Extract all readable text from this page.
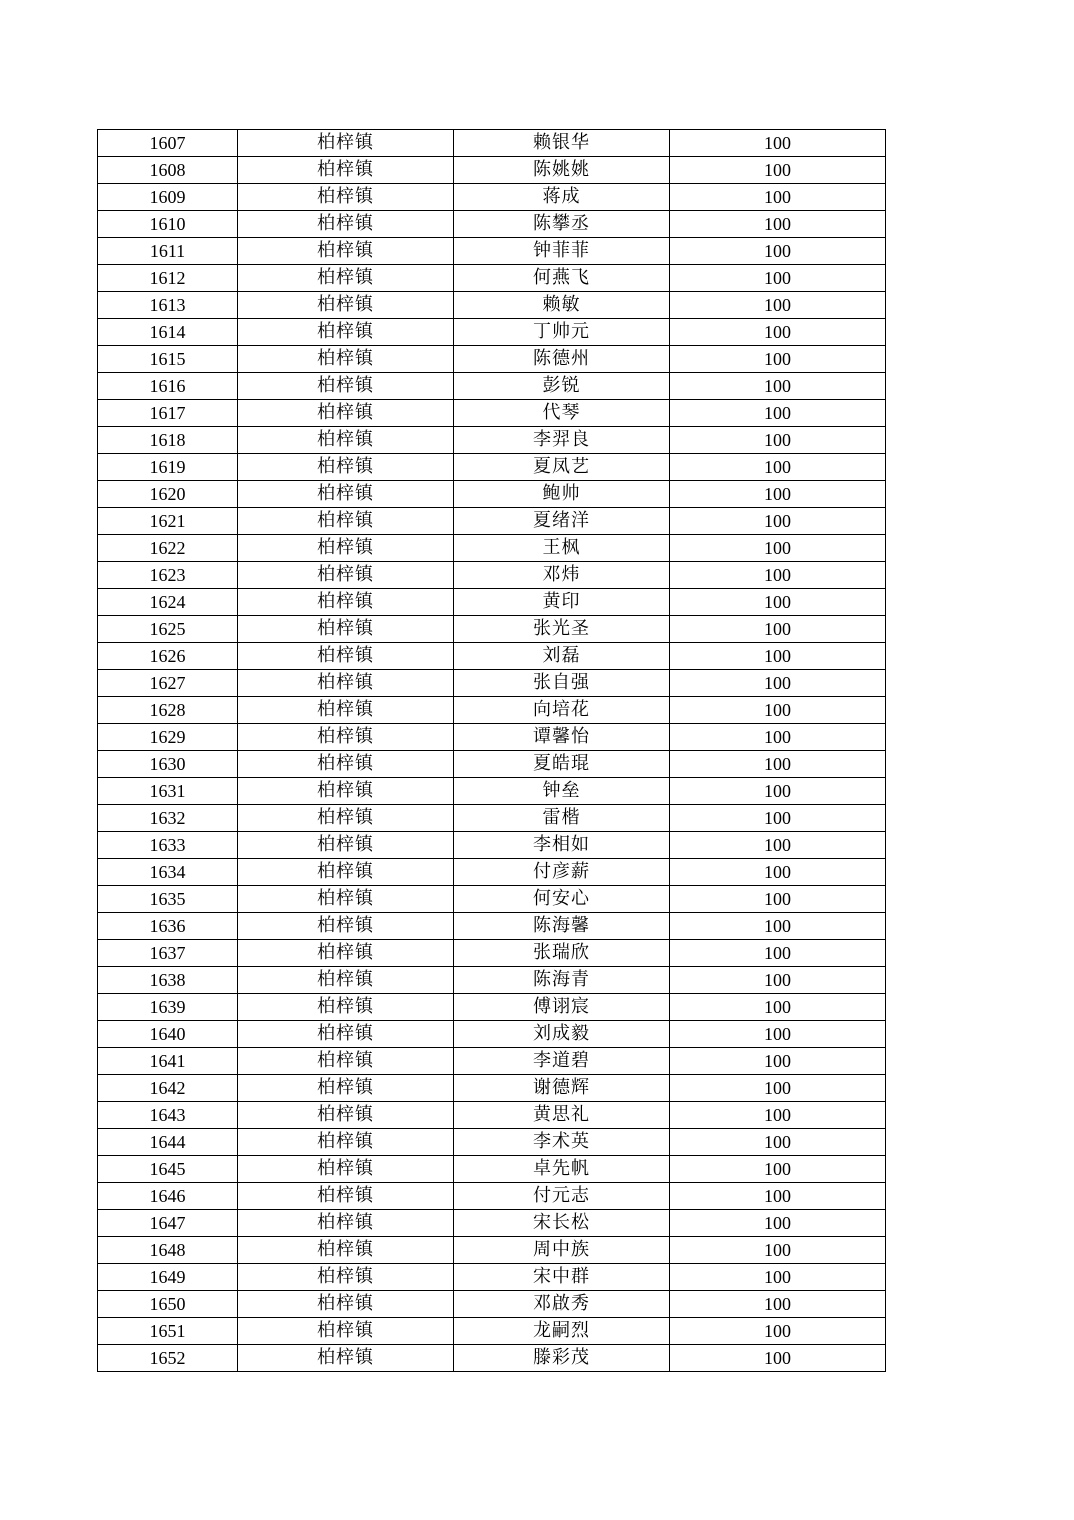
1607	柏梓镇	赖银华	100
1608	柏梓镇	陈姚姚	100
1609	柏梓镇	蒋成	100
1610	柏梓镇	陈攀丞	100
1611	柏梓镇	钟菲菲	100
1612	柏梓镇	何燕飞	100
1613	柏梓镇	赖敏	100
1614	柏梓镇	丁帅元	100
1615	柏梓镇	陈德州	100
1616	柏梓镇	彭锐	100
1617	柏梓镇	代琴	100
1618	柏梓镇	李羿良	100
1619	柏梓镇	夏凤艺	100
1620	柏梓镇	鲍帅	100
1621	柏梓镇	夏绪洋	100
1622	柏梓镇	王枫	100
1623	柏梓镇	邓炜	100
1624	柏梓镇	黄印	100
1625	柏梓镇	张光圣	100
1626	柏梓镇	刘磊	100
1627	柏梓镇	张自强	100
1628	柏梓镇	向培花	100
1629	柏梓镇	谭馨怡	100
1630	柏梓镇	夏皓琨	100
1631	柏梓镇	钟垒	100
1632	柏梓镇	雷楷	100
1633	柏梓镇	李相如	100
1634	柏梓镇	付彦薪	100
1635	柏梓镇	何安心	100
1636	柏梓镇	陈海馨	100
1637	柏梓镇	张瑞欣	100
1638	柏梓镇	陈海青	100
1639	柏梓镇	傅诩宸	100
1640	柏梓镇	刘成毅	100
1641	柏梓镇	李道碧	100
1642	柏梓镇	谢德辉	100
1643	柏梓镇	黄思礼	100
1644	柏梓镇	李术英	100
1645	柏梓镇	卓先帆	100
1646	柏梓镇	付元志	100
1647	柏梓镇	宋长松	100
1648	柏梓镇	周中族	100
1649	柏梓镇	宋中群	100
1650	柏梓镇	邓啟秀	100
1651	柏梓镇	龙嗣烈	100
1652	柏梓镇	滕彩茂	100
